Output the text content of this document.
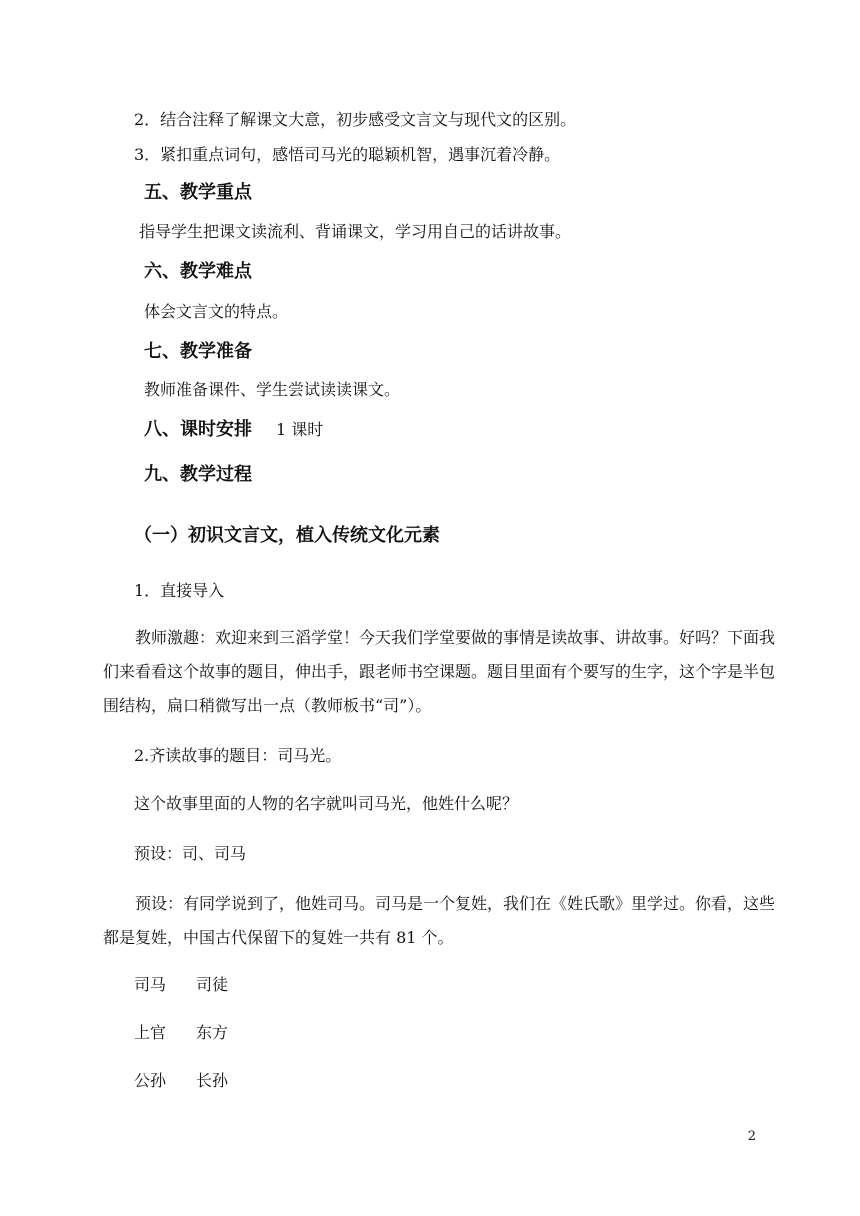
2．结合注释了解课文大意，初步感受文言文与现代文的区别。
3．紧扣重点词句，感悟司马光的聪颖机智，遇事沉着冷静。
五、教学重点
指导学生把课文读流利、背诵课文，学习用自己的话讲故事。
六、教学难点
体会文言文的特点。
七、教学准备
教师准备课件、学生尝试读读课文。
八、课时安排 1 课时
九、教学过程
（一）初识文言文，植入传统文化元素
1．直接导入
教师激趣：欢迎来到三滔学堂！今天我们学堂要做的事情是读故事、讲故事。好吗？下面我们来看看这个故事的题目，伸出手，跟老师书空课题。题目里面有个要写的生字，这个字是半包围结构，扁口稍微写出一点（教师板书“司”）。
2.齐读故事的题目：司马光。
这个故事里面的人物的名字就叫司马光，他姓什么呢？
预设：司、司马
预设：有同学说到了，他姓司马。司马是一个复姓，我们在《姓氏歌》里学过。你看，这些都是复姓，中国古代保留下的复姓一共有 81 个。
司马 司徒
上官 东方
公孙 长孙
2
